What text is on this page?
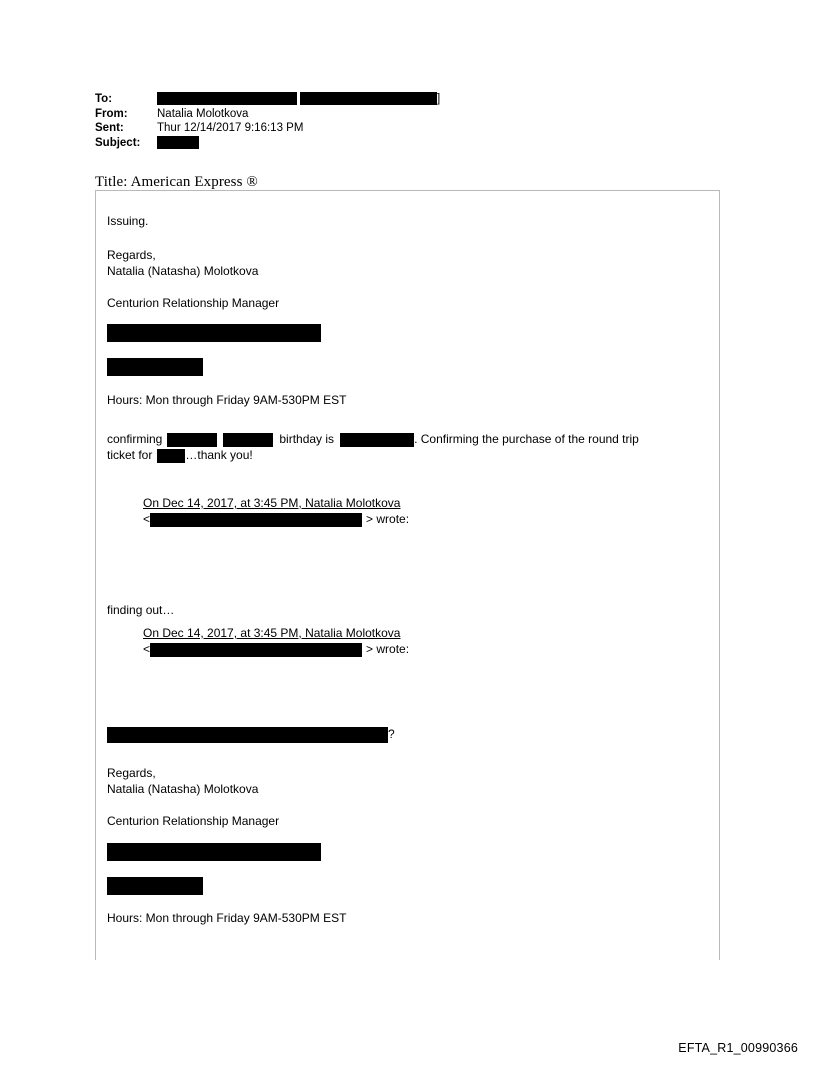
To:	]
From:	Natalia Molotkova
Sent:	Thur 12/14/2017 9:16:13 PM
Subject:
Title: American Express ®
Issuing.
Regards,
Natalia (Natasha) Molotkova
Centurion Relationship Manager
Hours: Mon through Friday 9AM-530PM EST
confirming	birthday is	. Confirming the purchase of the round trip
ticket for	…thank you!
On Dec 14, 2017, at 3:45 PM, Natalia Molotkova
<	> wrote:
finding out…
On Dec 14, 2017, at 3:45 PM, Natalia Molotkova
<	> wrote:
?
Regards,
Natalia (Natasha) Molotkova
Centurion Relationship Manager
Hours: Mon through Friday 9AM-530PM EST
EFTA_R1_00990366
